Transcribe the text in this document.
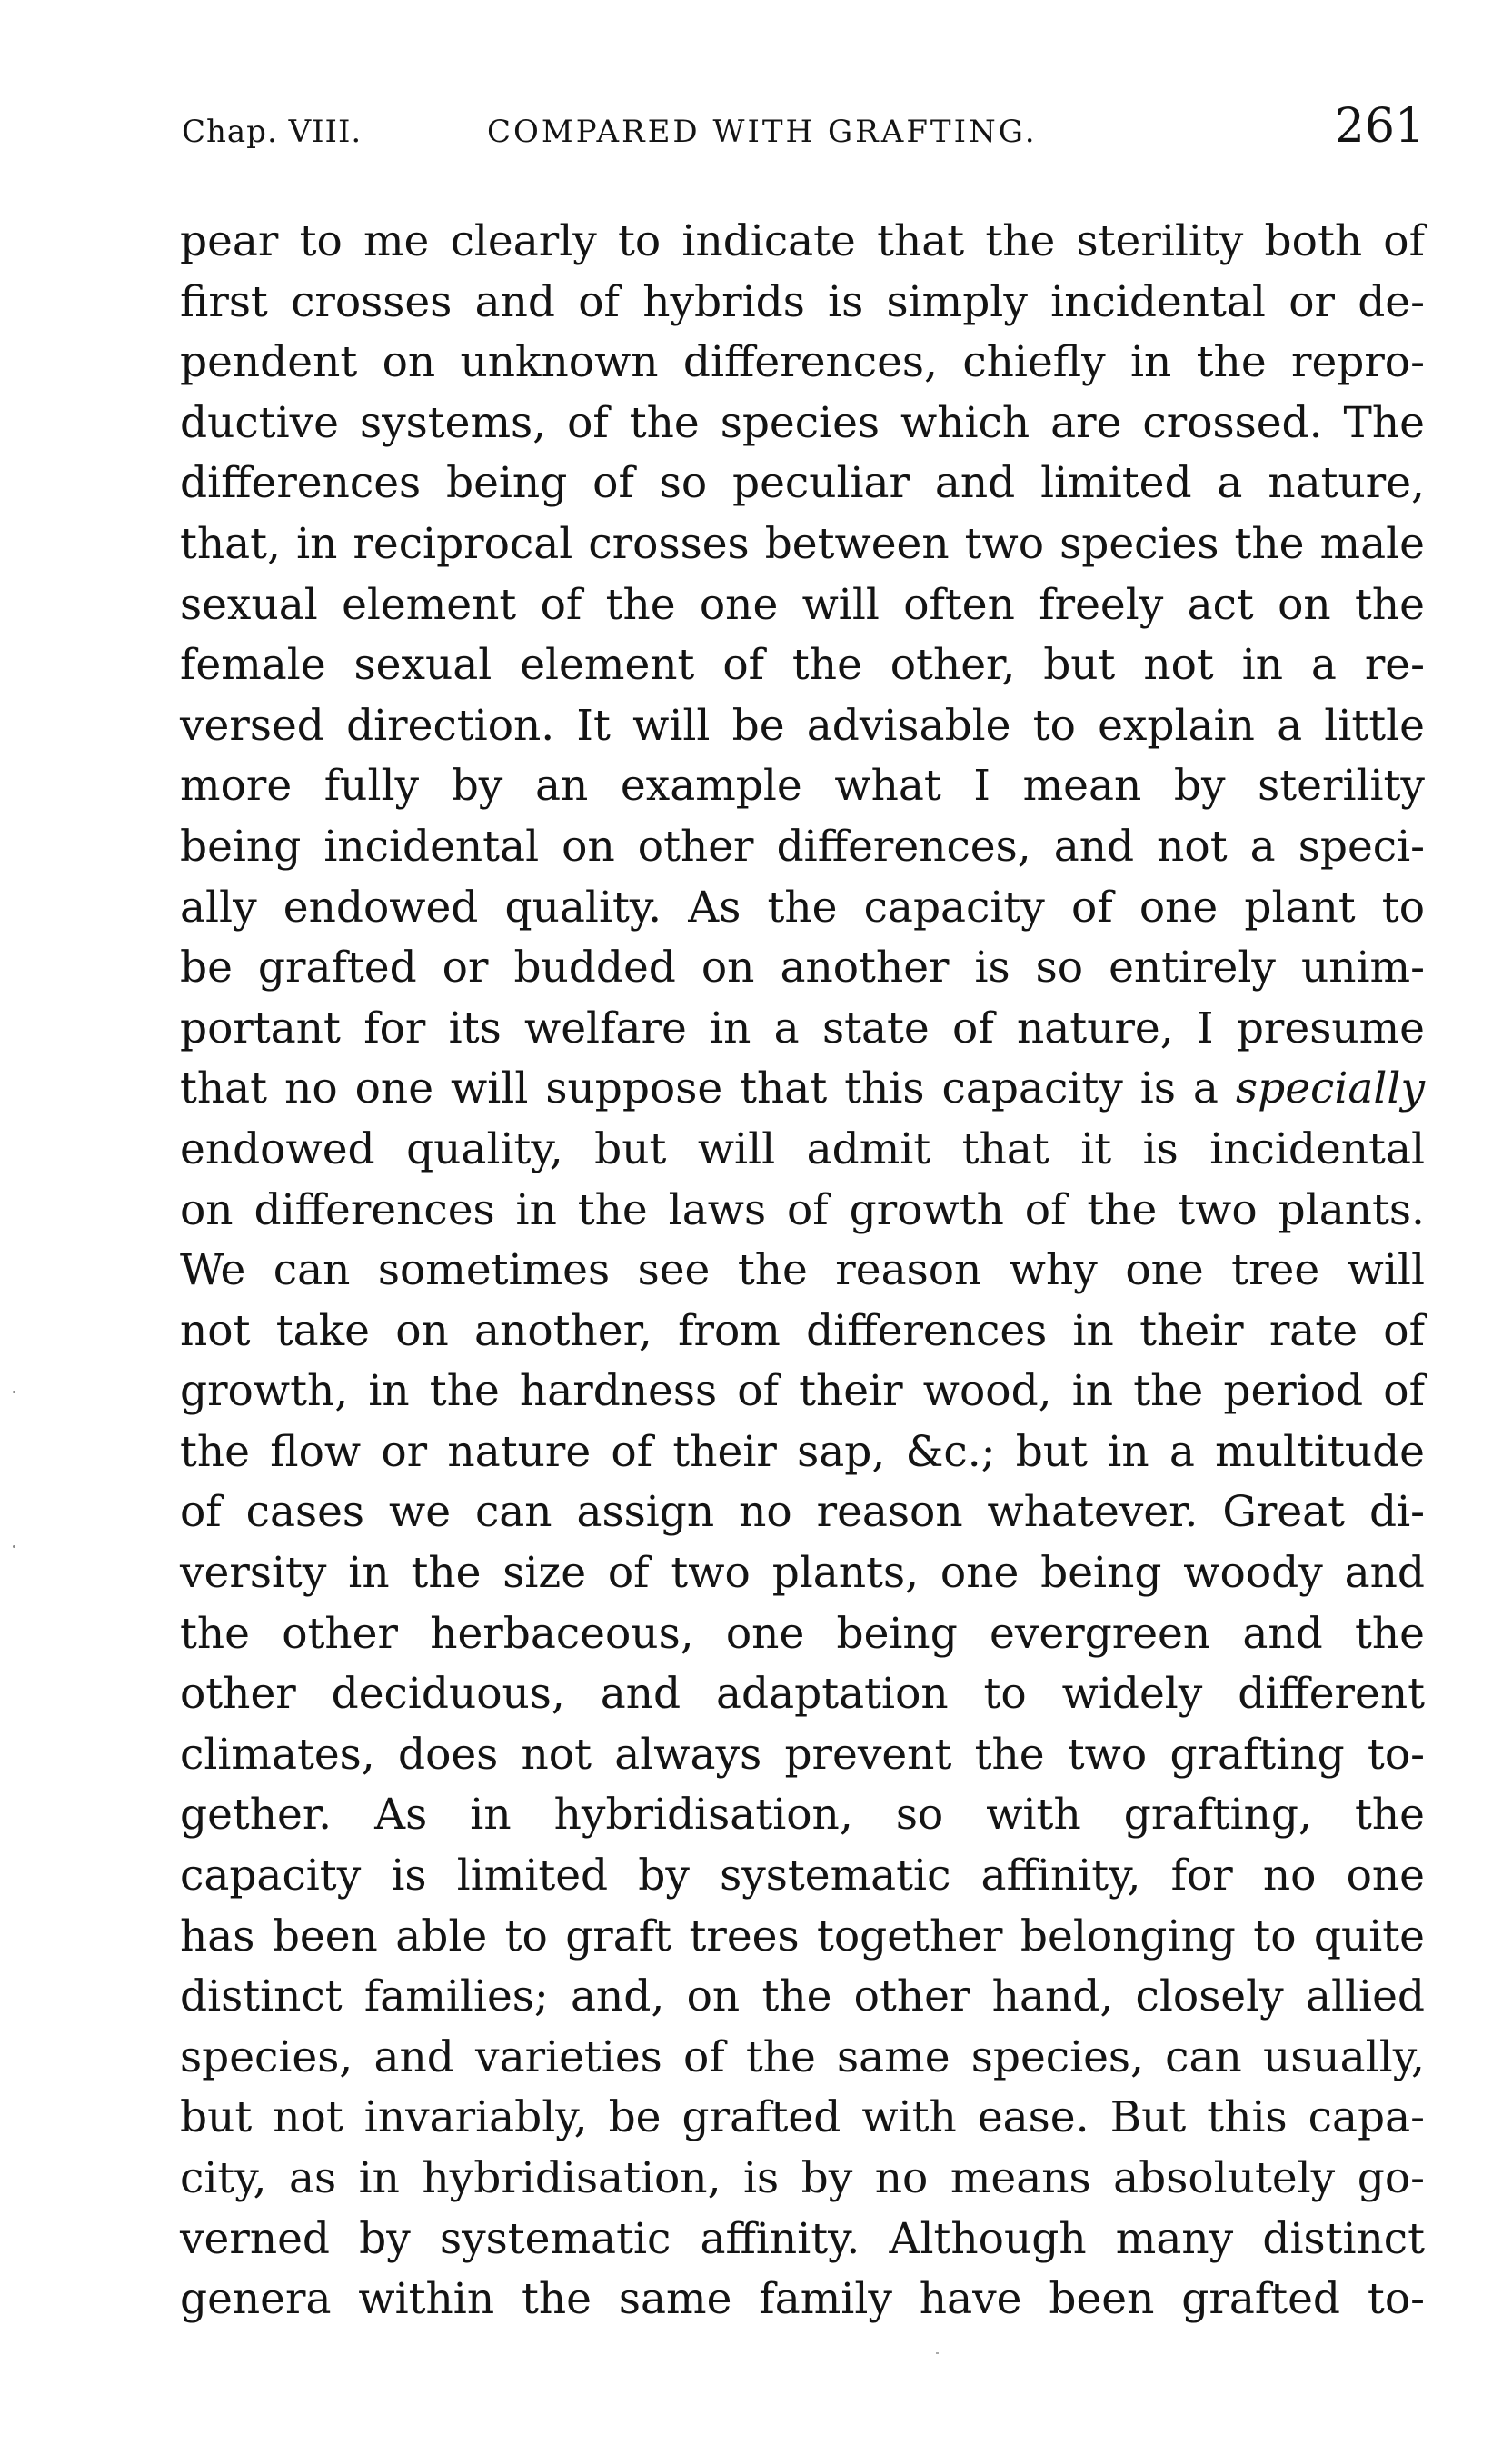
Chap. VIII.	COMPARED WITH GRAFTING.	261
pear to me clearly to indicate that the sterility both of
first crosses and of hybrids is simply incidental or de-
pendent on unknown differences, chiefly in the repro-
ductive systems, of the species which are crossed. The
differences being of so peculiar and limited a nature,
that, in reciprocal crosses between two species the male
sexual element of the one will often freely act on the
female sexual element of the other, but not in a re-
versed direction. It will be advisable to explain a little
more fully by an example what I mean by sterility
being incidental on other differences, and not a speci-
ally endowed quality. As the capacity of one plant to
be grafted or budded on another is so entirely unim-
portant for its welfare in a state of nature, I presume
that no one will suppose that this capacity is a specially
endowed quality, but will admit that it is incidental
on differences in the laws of growth of the two plants.
We can sometimes see the reason why one tree will
not take on another, from differences in their rate of
growth, in the hardness of their wood, in the period of
the flow or nature of their sap, &c.; but in a multitude
of cases we can assign no reason whatever. Great di-
versity in the size of two plants, one being woody and
the other herbaceous, one being evergreen and the
other deciduous, and adaptation to widely different
climates, does not always prevent the two grafting to-
gether. As in hybridisation, so with grafting, the
capacity is limited by systematic affinity, for no one
has been able to graft trees together belonging to quite
distinct families; and, on the other hand, closely allied
species, and varieties of the same species, can usually,
but not invariably, be grafted with ease. But this capa-
city, as in hybridisation, is by no means absolutely go-
verned by systematic affinity. Although many distinct
genera within the same family have been grafted to-
